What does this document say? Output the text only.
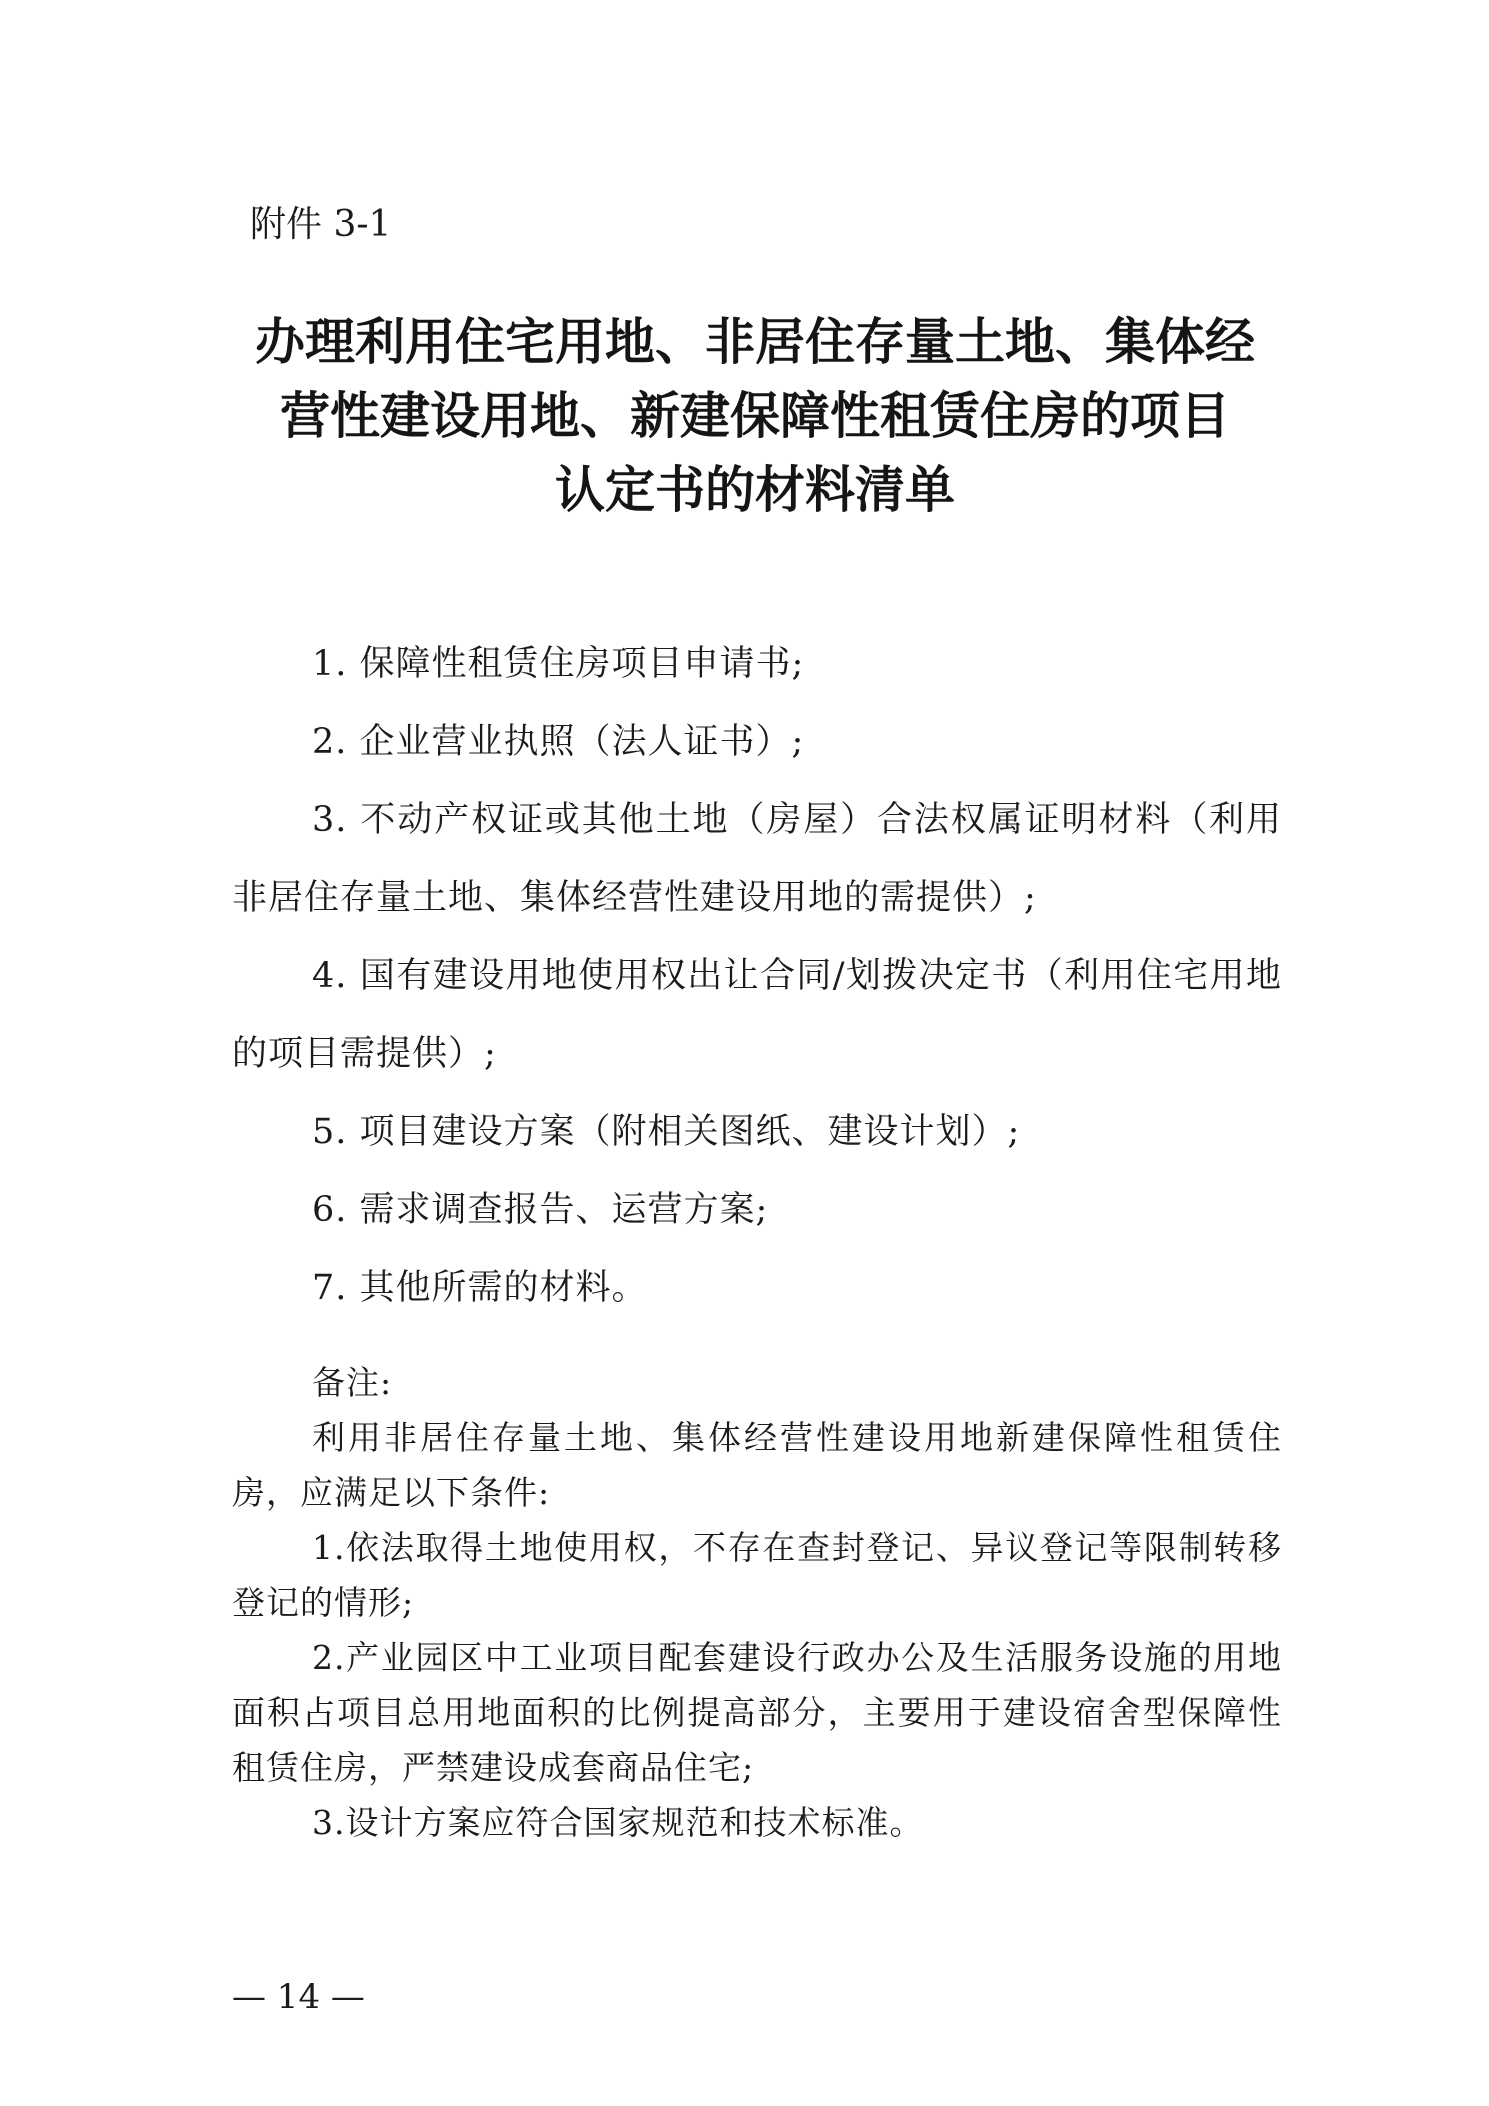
附件 3-1

办理利用住宅用地、非居住存量土地、集体经
营性建设用地、新建保障性租赁住房的项目
认定书的材料清单
1. 保障性租赁住房项目申请书;
2. 企业营业执照（法人证书）;
3. 不动产权证或其他土地（房屋）合法权属证明材料（利用非居住存量土地、集体经营性建设用地的需提供）;
4. 国有建设用地使用权出让合同/划拨决定书（利用住宅用地的项目需提供）;
5. 项目建设方案（附相关图纸、建设计划）;
6. 需求调查报告、运营方案;
7. 其他所需的材料。

备注:

利用非居住存量土地、集体经营性建设用地新建保障性租赁住房，应满足以下条件:

1.依法取得土地使用权，不存在查封登记、异议登记等限制转移登记的情形;

2.产业园区中工业项目配套建设行政办公及生活服务设施的用地面积占项目总用地面积的比例提高部分，主要用于建设宿舍型保障性租赁住房，严禁建设成套商品住宅;

3.设计方案应符合国家规范和技术标准。

— 14 —
